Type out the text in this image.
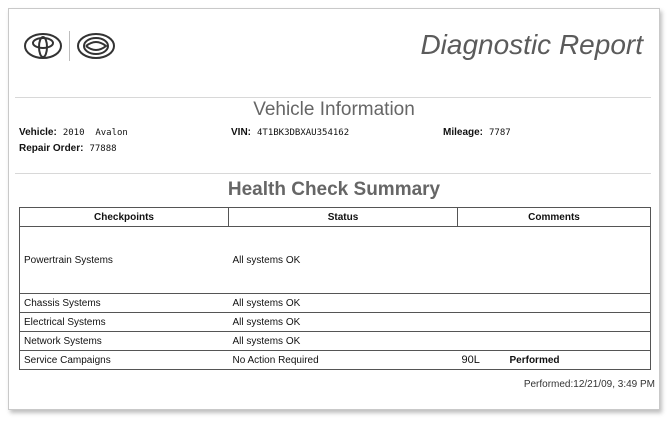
Diagnostic Report
Vehicle Information
Vehicle: 2010  Avalon	VIN: 4T1BK3DBXAU354162	Mileage: 7787
Repair Order: 77888
Health Check Summary
Checkpoints	Status	Comments
Powertrain Systems	All systems OK	
Chassis Systems	All systems OK	
Electrical Systems	All systems OK	
Network Systems	All systems OK	
Service Campaigns	No Action Required	90L Performed
Performed:12/21/09, 3:49 PM
